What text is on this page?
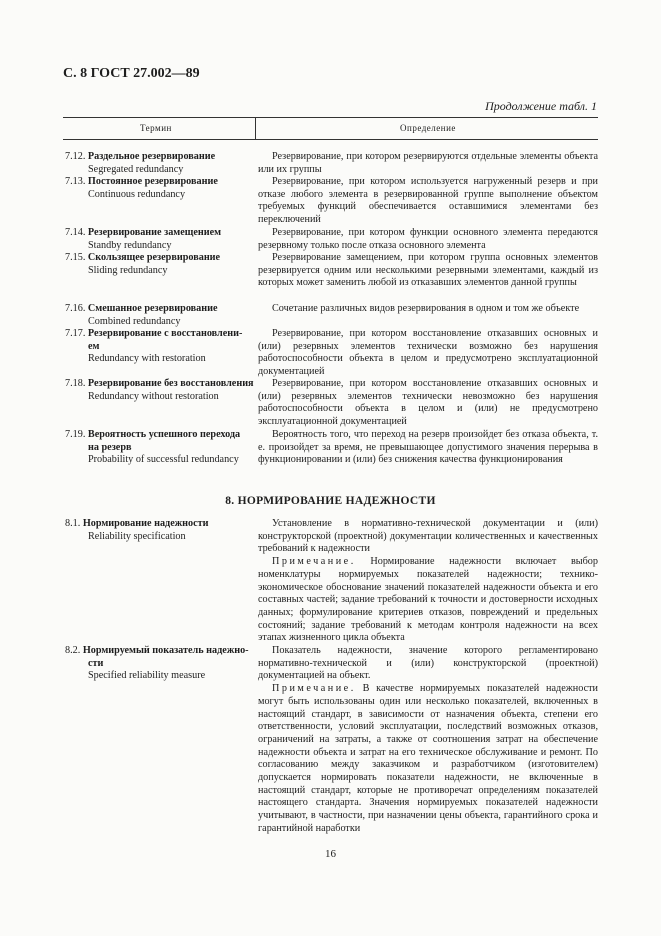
С. 8 ГОСТ 27.002—89
Продолжение табл. 1
Термин	Определение
7.12. Раздельное резервирование
Segregated redundancy

Резервирование, при котором резервируются отдельные элементы объекта или их группы

7.13. Постоянное резервирование
Continuous redundancy

Резервирование, при котором используется нагруженный резерв и при отказе любого элемента в резервированной группе выполнение объектом требуемых функций обеспечивается оставшимися элементами без переключений

7.14. Резервирование замещением
Standby redundancy

Резервирование, при котором функции основного элемента передаются резервному только после отказа основного элемента

7.15. Скользящее резервирование
Sliding redundancy

Резервирование замещением, при котором группа основных элементов резервируется одним или несколькими резервными элементами, каждый из которых может заменить любой из отказавших элементов данной группы

7.16. Смешанное резервирование
Combined redundancy

Сочетание различных видов резервирования в одном и том же объекте

7.17. Резервирование с восстановлени-
ем
Redundancy with restoration

Резервирование, при котором восстановление отказавших основных и (или) резервных элементов технически возможно без нарушения работоспособности объекта в целом и предусмотрено эксплуатационной документацией

7.18. Резервирование без восстановления
Redundancy without restoration

Резервирование, при котором восстановление отказавших основных и (или) резервных элементов технически невозможно без нарушения работоспособности объекта в целом и (или) не предусмотрено эксплуатационной документацией

7.19. Вероятность успешного перехода
на резерв
Probability of successful redundancy

Вероятность того, что переход на резерв произойдет без отказа объекта, т. е. произойдет за время, не превышающее допустимого значения перерыва в функционировании и (или) без снижения качества функционирования

8. НОРМИРОВАНИЕ НАДЕЖНОСТИ
8.1. Нормирование надежности
Reliability specification

Установление в нормативно-технической документации и (или) конструкторской (проектной) документации количественных и качественных требований к надежности

Примечание. Нормирование надежности включает выбор номенклатуры нормируемых показателей надежности; технико-экономическое обоснование значений показателей надежности объекта и его составных частей; задание требований к точности и достоверности исходных данных; формулирование критериев отказов, повреждений и предельных состояний; задание требований к методам контроля надежности на всех этапах жизненного цикла объекта

8.2. Нормируемый показатель надежно-
сти
Specified reliability measure

Показатель надежности, значение которого регламентировано нормативно-технической и (или) конструкторской (проектной) документацией на объект.

Примечание. В качестве нормируемых показателей надежности могут быть использованы один или несколько показателей, включенных в настоящий стандарт, в зависимости от назначения объекта, степени его ответственности, условий эксплуатации, последствий возможных отказов, ограничений на затраты, а также от соотношения затрат на обеспечение надежности объекта и затрат на его техническое обслуживание и ремонт. По согласованию между заказчиком и разработчиком (изготовителем) допускается нормировать показатели надежности, не включенные в настоящий стандарт, которые не противоречат определениям показателей настоящего стандарта. Значения нормируемых показателей надежности учитывают, в частности, при назначении цены объекта, гарантийного срока и гарантийной наработки

16
